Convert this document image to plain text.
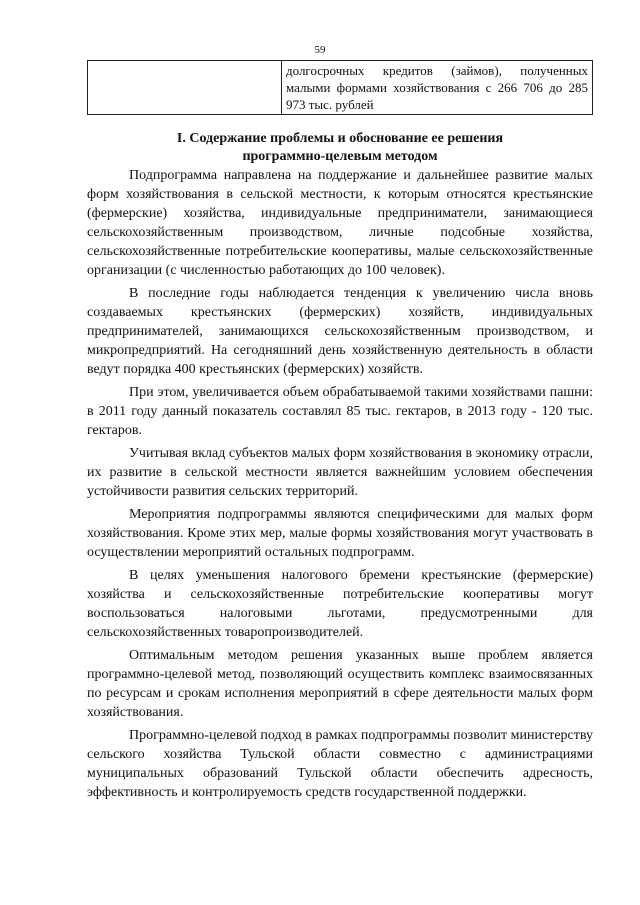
59
	долгосрочных кредитов (займов), полученных малыми формами хозяйствования с 266 706 до 285 973 тыс. рублей
I. Содержание проблемы и обоснование ее решения
программно-целевым методом

Подпрограмма направлена на поддержание и дальнейшее развитие малых форм хозяйствования в сельской местности, к которым относятся крестьянские (фермерские) хозяйства, индивидуальные предприниматели, занимающиеся сельскохозяйственным производством, личные подсобные хозяйства, сельскохозяйственные потребительские кооперативы, малые сельскохозяйственные организации (с численностью работающих до 100 человек).

В последние годы наблюдается тенденция к увеличению числа вновь создаваемых крестьянских (фермерских) хозяйств, индивидуальных предпринимателей, занимающихся сельскохозяйственным производством, и микропредприятий. На сегодняшний день хозяйственную деятельность в области ведут порядка 400 крестьянских (фермерских) хозяйств.

При этом, увеличивается объем обрабатываемой такими хозяйствами пашни: в 2011 году данный показатель составлял 85 тыс. гектаров, в 2013 году - 120 тыс. гектаров.

Учитывая вклад субъектов малых форм хозяйствования в экономику отрасли, их развитие в сельской местности является важнейшим условием обеспечения устойчивости развития сельских территорий.

Мероприятия подпрограммы являются специфическими для малых форм хозяйствования. Кроме этих мер, малые формы хозяйствования могут участвовать в осуществлении мероприятий остальных подпрограмм.

В целях уменьшения налогового бремени крестьянские (фермерские) хозяйства и сельскохозяйственные потребительские кооперативы могут воспользоваться налоговыми льготами, предусмотренными для сельскохозяйственных товаропроизводителей.

Оптимальным методом решения указанных выше проблем является программно-целевой метод, позволяющий осуществить комплекс взаимосвязанных по ресурсам и срокам исполнения мероприятий в сфере деятельности малых форм хозяйствования.

Программно-целевой подход в рамках подпрограммы позволит министерству сельского хозяйства Тульской области совместно с администрациями муниципальных образований Тульской области обеспечить адресность, эффективность и контролируемость средств государственной поддержки.
